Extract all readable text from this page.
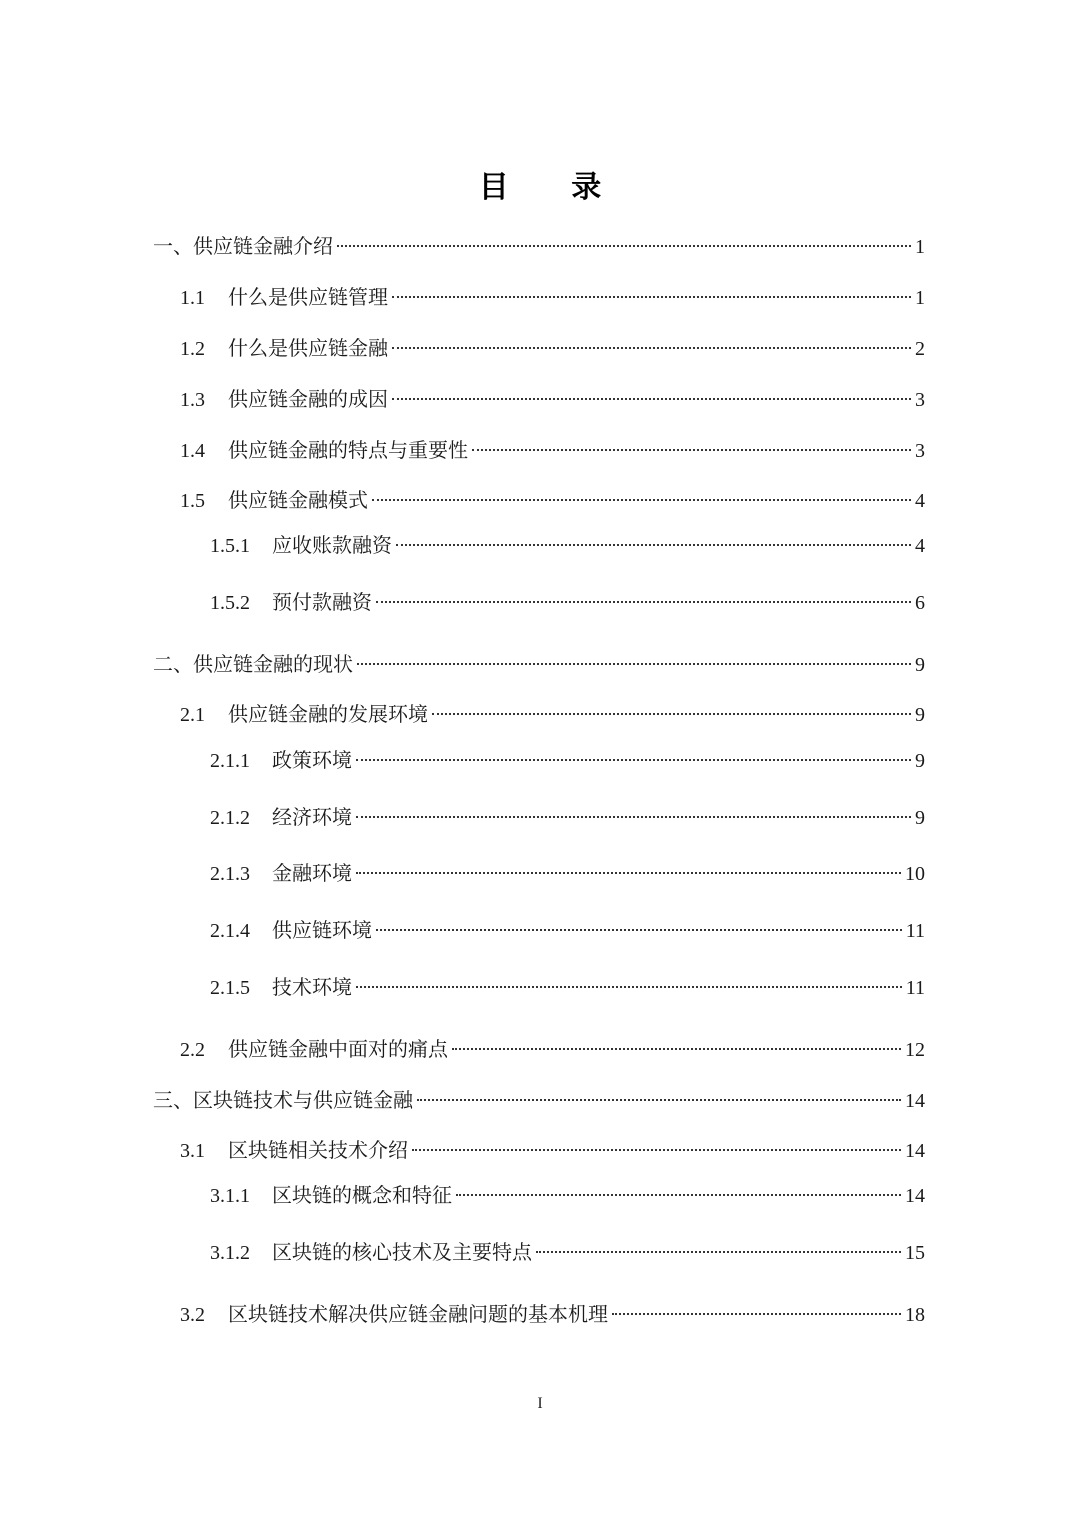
目 录
一、供应链金融介绍	1
1.1	什么是供应链管理	1
1.2	什么是供应链金融	2
1.3	供应链金融的成因	3
1.4	供应链金融的特点与重要性	3
1.5	供应链金融模式	4
1.5.1	应收账款融资	4
1.5.2	预付款融资	6
二、供应链金融的现状	9
2.1	供应链金融的发展环境	9
2.1.1	政策环境	9
2.1.2	经济环境	9
2.1.3	金融环境	10
2.1.4	供应链环境	11
2.1.5	技术环境	11
2.2	供应链金融中面对的痛点	12
三、区块链技术与供应链金融	14
3.1	区块链相关技术介绍	14
3.1.1	区块链的概念和特征	14
3.1.2	区块链的核心技术及主要特点	15
3.2	区块链技术解决供应链金融问题的基本机理	18
I
